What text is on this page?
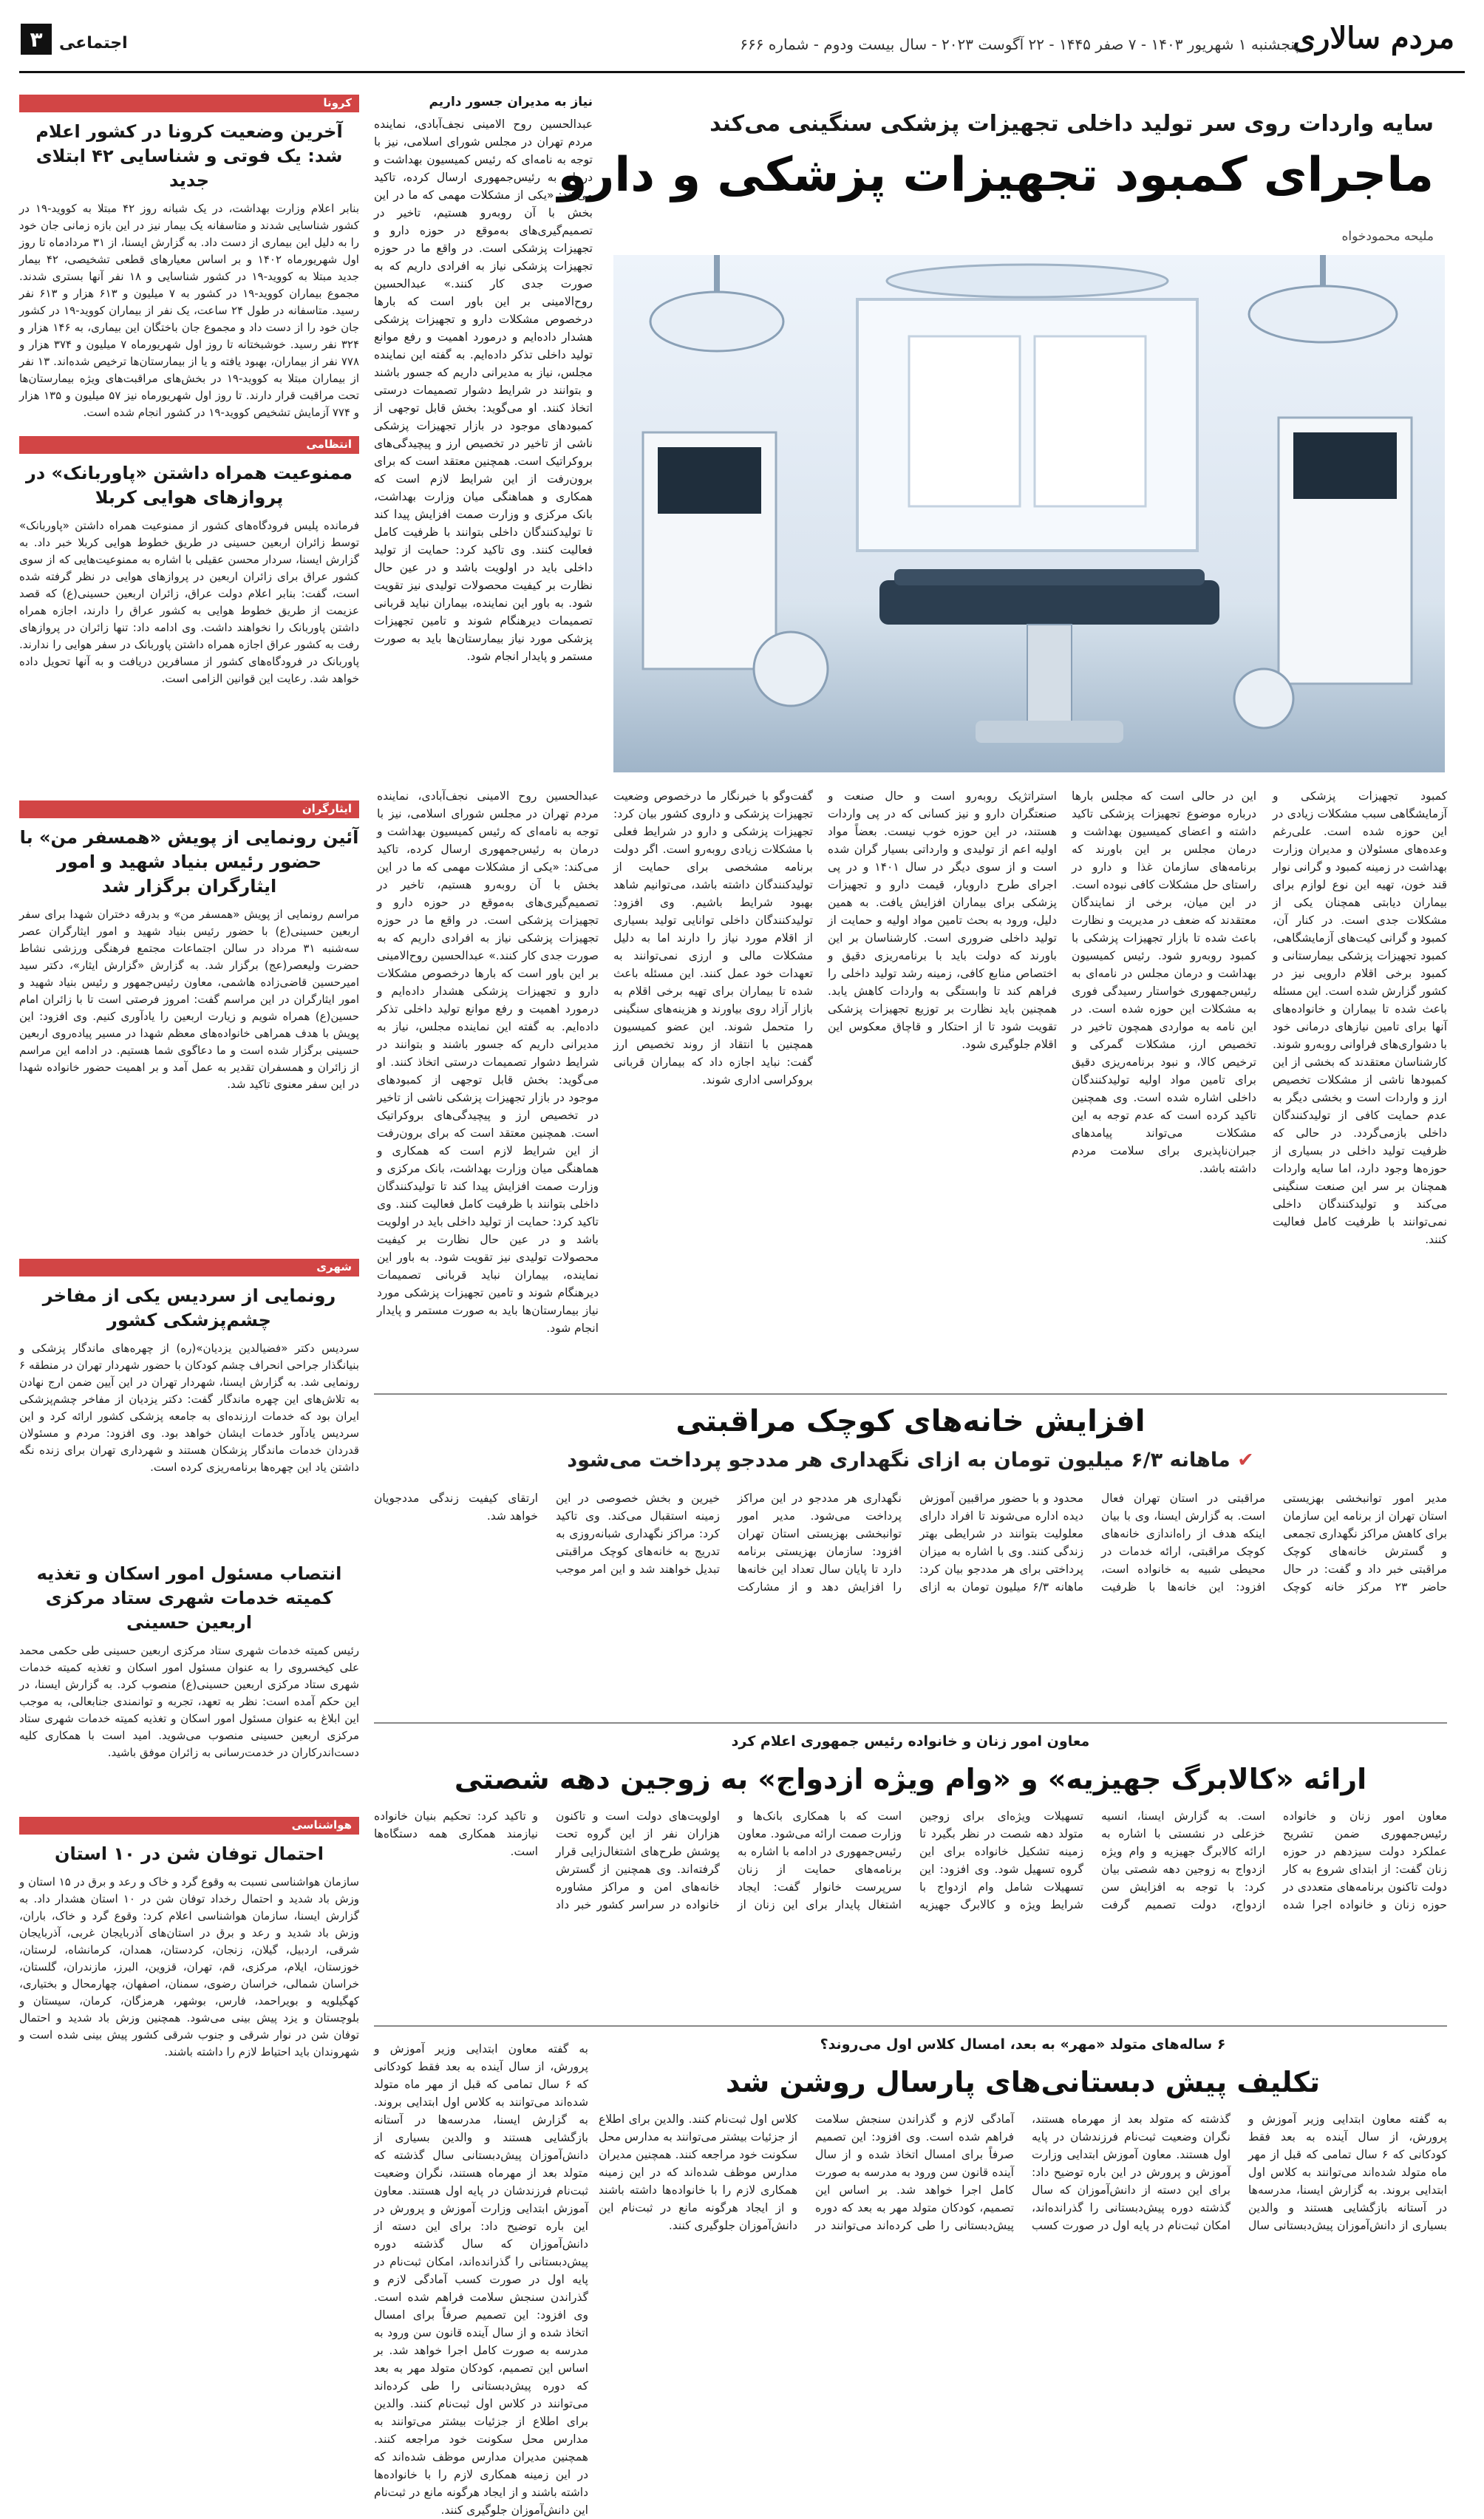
مردم سالاری
پنجشنبه ۱ شهریور ۱۴۰۳ - ۷ صفر ۱۴۴۵ - ۲۲ آگوست ۲۰۲۳ - سال بیست ودوم - شماره ۶۶۶
اجتماعی
۳
کرونا
آخرین وضعیت کرونا در کشور اعلام شد: یک فوتی و شناسایی ۴۲ ابتلای جدید

بنابر اعلام وزارت بهداشت، در یک شبانه روز ۴۲ مبتلا به کووید-۱۹ در کشور شناسایی شدند و متاسفانه یک بیمار نیز در این بازه زمانی جان خود را به دلیل این بیماری از دست داد. به گزارش ایسنا، از ۳۱ مردادماه تا روز اول شهریورماه ۱۴۰۲ و بر اساس معیارهای قطعی تشخیصی، ۴۲ بیمار جدید مبتلا به کووید-۱۹ در کشور شناسایی و ۱۸ نفر آنها بستری شدند. مجموع بیماران کووید-۱۹ در کشور به ۷ میلیون و ۶۱۳ هزار و ۶۱۳ نفر رسید. متاسفانه در طول ۲۴ ساعت، یک نفر از بیماران کووید-۱۹ در کشور جان خود را از دست داد و مجموع جان باختگان این بیماری، به ۱۴۶ هزار و ۳۲۴ نفر رسید. خوشبختانه تا روز اول شهریورماه ۷ میلیون و ۳۷۴ هزار و ۷۷۸ نفر از بیماران، بهبود یافته و یا از بیمارستان‌ها ترخیص شده‌اند. ۱۳ نفر از بیماران مبتلا به کووید-۱۹ در بخش‌های مراقبت‌های ویژه بیمارستان‌ها تحت مراقبت قرار دارند. تا روز اول شهریورماه نیز ۵۷ میلیون و ۱۳۵ هزار و ۷۷۴ آزمایش تشخیص کووید-۱۹ در کشور انجام شده است.

انتظامی
ممنوعیت همراه داشتن «پاوربانک» در پروازهای هوایی کربلا

فرمانده پلیس فرودگاه‌های کشور از ممنوعیت همراه داشتن «پاوربانک» توسط زائران اربعین حسینی در طریق خطوط هوایی کربلا خبر داد. به گزارش ایسنا، سردار محسن عقیلی با اشاره به ممنوعیت‌هایی که از سوی کشور عراق برای زائران اربعین در پروازهای هوایی در نظر گرفته شده است، گفت: بنابر اعلام دولت عراق، زائران اربعین حسینی(ع) که قصد عزیمت از طریق خطوط هوایی به کشور عراق را دارند، اجازه همراه داشتن پاوربانک را نخواهند داشت. وی ادامه داد: تنها زائران در پروازهای رفت به کشور عراق اجازه همراه داشتن پاوربانک در سفر هوایی را ندارند. پاوربانک در فرودگاه‌های کشور از مسافرین دریافت و به آنها تحویل داده خواهد شد. رعایت این قوانین الزامی است.

ایثارگران
آئین رونمایی از پویش «همسفر من» با حضور رئیس بنیاد شهید و امور ایثارگران برگزار شد

مراسم رونمایی از پویش «همسفر من» و بدرقه دختران شهدا برای سفر اربعین حسینی(ع) با حضور رئیس بنیاد شهید و امور ایثارگران عصر سه‌شنبه ۳۱ مرداد در سالن اجتماعات مجتمع فرهنگی ورزشی نشاط حضرت ولیعصر(عج) برگزار شد. به گزارش «گزارش ایثار»، دکتر سید امیرحسین قاضی‌زاده هاشمی، معاون رئیس‌جمهور و رئیس بنیاد شهید و امور ایثارگران در این مراسم گفت: امروز فرصتی است تا با زائران امام حسین(ع) همراه شویم و زیارت اربعین را یادآوری کنیم. وی افزود: این پویش با هدف همراهی خانواده‌های معظم شهدا در مسیر پیاده‌روی اربعین حسینی برگزار شده است و ما دعاگوی شما هستیم. در ادامه این مراسم از زائران و همسفران تقدیر به عمل آمد و بر اهمیت حضور خانواده شهدا در این سفر معنوی تاکید شد.

شهری
رونمایی از سردیس یکی از مفاخر چشم‌پزشکی کشور

سردیس دکتر «فضیالدین یزدیان»(ره) از چهره‌های ماندگار پزشکی و بنیانگذار جراحی انحراف چشم کودکان با حضور شهردار تهران در منطقه ۶ رونمایی شد. به گزارش ایسنا، شهردار تهران در این آیین ضمن ارج نهادن به تلاش‌های این چهره ماندگار گفت: دکتر یزدیان از مفاخر چشم‌پزشکی ایران بود که خدمات ارزنده‌ای به جامعه پزشکی کشور ارائه کرد و این سردیس یادآور خدمات ایشان خواهد بود. وی افزود: مردم و مسئولان قدردان خدمات ماندگار پزشکان هستند و شهرداری تهران برای زنده نگه داشتن یاد این چهره‌ها برنامه‌ریزی کرده است.

انتصاب مسئول امور اسکان و تغذیه کمیته خدمات شهری ستاد مرکزی اربعین حسینی

رئیس کمیته خدمات شهری ستاد مرکزی اربعین حسینی طی حکمی محمد علی کیخسروی را به عنوان مسئول امور اسکان و تغذیه کمیته خدمات شهری ستاد مرکزی اربعین حسینی(ع) منصوب کرد. به گزارش ایسنا، در این حکم آمده است: نظر به تعهد، تجربه و توانمندی جنابعالی، به موجب این ابلاغ به عنوان مسئول امور اسکان و تغذیه کمیته خدمات شهری ستاد مرکزی اربعین حسینی منصوب می‌شوید. امید است با همکاری کلیه دست‌اندرکاران در خدمت‌رسانی به زائران موفق باشید.

هواشناسی
احتمال توفان شن در ۱۰ استان

سازمان هواشناسی نسبت به وقوع گرد و خاک و رعد و برق در ۱۵ استان و وزش باد شدید و احتمال رخداد توفان شن در ۱۰ استان هشدار داد. به گزارش ایسنا، سازمان هواشناسی اعلام کرد: وقوع گرد و خاک، باران، وزش باد شدید و رعد و برق در استان‌های آذربایجان غربی، آذربایجان شرقی، اردبیل، گیلان، زنجان، کردستان، همدان، کرمانشاه، لرستان، خوزستان، ایلام، مرکزی، قم، تهران، قزوین، البرز، مازندران، گلستان، خراسان شمالی، خراسان رضوی، سمنان، اصفهان، چهارمحال و بختیاری، کهگیلویه و بویراحمد، فارس، بوشهر، هرمزگان، کرمان، سیستان و بلوچستان و یزد پیش بینی می‌شود. همچنین وزش باد شدید و احتمال توفان شن در نوار شرقی و جنوب شرقی کشور پیش بینی شده است و شهروندان باید احتیاط لازم را داشته باشند.

نیاز به مدیران جسور داریم
عبدالحسین روح الامینی نجف‌آبادی، نماینده مردم تهران در مجلس شورای اسلامی، نیز با توجه به نامه‌ای که رئیس کمیسیون بهداشت و درمان به رئیس‌جمهوری ارسال کرده، تاکید می‌کند: «یکی از مشکلات مهمی که ما در این بخش با آن روبه‌رو هستیم، تاخیر در تصمیم‌گیری‌های به‌موقع در حوزه دارو و تجهیزات پزشکی است. در واقع ما در حوزه تجهیزات پزشکی نیاز به افرادی داریم که به صورت جدی کار کنند.» عبدالحسین روح‌الامینی بر این باور است که بارها درخصوص مشکلات دارو و تجهیزات پزشکی هشدار داده‌ایم و درمورد اهمیت و رفع موانع تولید داخلی تذکر داده‌ایم. به گفته این نماینده مجلس، نیاز به مدیرانی داریم که جسور باشند و بتوانند در شرایط دشوار تصمیمات درستی اتخاذ کنند. او می‌گوید: بخش قابل توجهی از کمبودهای موجود در بازار تجهیزات پزشکی ناشی از تاخیر در تخصیص ارز و پیچیدگی‌های بروکراتیک است. همچنین معتقد است که برای برون‌رفت از این شرایط لازم است که همکاری و هماهنگی میان وزارت بهداشت، بانک مرکزی و وزارت صمت افزایش پیدا کند تا تولیدکنندگان داخلی بتوانند با ظرفیت کامل فعالیت کنند. وی تاکید کرد: حمایت از تولید داخلی باید در اولویت باشد و در عین حال نظارت بر کیفیت محصولات تولیدی نیز تقویت شود. به باور این نماینده، بیماران نباید قربانی تصمیمات دیرهنگام شوند و تامین تجهیزات پزشکی مورد نیاز بیمارستان‌ها باید به صورت مستمر و پایدار انجام شود.
سایه واردات روی سر تولید داخلی تجهیزات پزشکی سنگینی می‌کند
ماجرای کمبود تجهیزات پزشکی و دارو
ملیحه محمودخواه
کمبود تجهیزات پزشکی و آزمایشگاهی سبب مشکلات زیادی در این حوزه شده است. علی‌رغم وعده‌های مسئولان و مدیران وزارت بهداشت در زمینه کمبود و گرانی نوار قند خون، تهیه این نوع لوازم برای بیماران دیابتی همچنان یکی از مشکلات جدی است. در کنار آن، کمبود و گرانی کیت‌های آزمایشگاهی، کمبود تجهیزات پزشکی بیمارستانی و کمبود برخی اقلام دارویی نیز در کشور گزارش شده است. این مسئله باعث شده تا بیماران و خانواده‌های آنها برای تامین نیازهای درمانی خود با دشواری‌های فراوانی روبه‌رو شوند. کارشناسان معتقدند که بخشی از این کمبودها ناشی از مشکلات تخصیص ارز و واردات است و بخشی دیگر به عدم حمایت کافی از تولیدکنندگان داخلی بازمی‌گردد. در حالی که ظرفیت تولید داخلی در بسیاری از حوزه‌ها وجود دارد، اما سایه واردات همچنان بر سر این صنعت سنگینی می‌کند و تولیدکنندگان داخلی نمی‌توانند با ظرفیت کامل فعالیت کنند.
این در حالی است که مجلس بارها درباره موضوع تجهیزات پزشکی تاکید داشته و اعضای کمیسیون بهداشت و درمان مجلس بر این باورند که برنامه‌های سازمان غذا و دارو در راستای حل مشکلات کافی نبوده است. در این میان، برخی از نمایندگان معتقدند که ضعف در مدیریت و نظارت باعث شده تا بازار تجهیزات پزشکی با کمبود روبه‌رو شود. رئیس کمیسیون بهداشت و درمان مجلس در نامه‌ای به رئیس‌جمهوری خواستار رسیدگی فوری به مشکلات این حوزه شده است. در این نامه به مواردی همچون تاخیر در تخصیص ارز، مشکلات گمرکی و ترخیص کالا، و نبود برنامه‌ریزی دقیق برای تامین مواد اولیه تولیدکنندگان داخلی اشاره شده است. وی همچنین تاکید کرده است که عدم توجه به این مشکلات می‌تواند پیامدهای جبران‌ناپذیری برای سلامت مردم داشته باشد.
استراتژیک روبه‌رو است و حال صنعت و صنعتگران دارو و نیز کسانی که در پی واردات هستند، در این حوزه خوب نیست. بعضاً مواد اولیه اعم از تولیدی و وارداتی بسیار گران شده است و از سوی دیگر در سال ۱۴۰۱ و در پی اجرای طرح دارویار، قیمت دارو و تجهیزات پزشکی برای بیماران افزایش یافت. به همین دلیل، ورود به بحث تامین مواد اولیه و حمایت از تولید داخلی ضروری است. کارشناسان بر این باورند که دولت باید با برنامه‌ریزی دقیق و اختصاص منابع کافی، زمینه رشد تولید داخلی را فراهم کند تا وابستگی به واردات کاهش یابد. همچنین باید نظارت بر توزیع تجهیزات پزشکی تقویت شود تا از احتکار و قاچاق معکوس این اقلام جلوگیری شود.
گفت‌وگو با خبرنگار ما درخصوص وضعیت تجهیزات پزشکی و داروی کشور بیان کرد: تجهیزات پزشکی و دارو در شرایط فعلی با مشکلات زیادی روبه‌رو است. اگر دولت برنامه مشخصی برای حمایت از تولیدکنندگان داشته باشد، می‌توانیم شاهد بهبود شرایط باشیم. وی افزود: تولیدکنندگان داخلی توانایی تولید بسیاری از اقلام مورد نیاز را دارند اما به دلیل مشکلات مالی و ارزی نمی‌توانند به تعهدات خود عمل کنند. این مسئله باعث شده تا بیماران برای تهیه برخی اقلام به بازار آزاد روی بیاورند و هزینه‌های سنگینی را متحمل شوند. این عضو کمیسیون همچنین با انتقاد از روند تخصیص ارز گفت: نباید اجازه داد که بیماران قربانی بروکراسی اداری شوند.
عبدالحسین روح الامینی نجف‌آبادی، نماینده مردم تهران در مجلس شورای اسلامی، نیز با توجه به نامه‌ای که رئیس کمیسیون بهداشت و درمان به رئیس‌جمهوری ارسال کرده، تاکید می‌کند: «یکی از مشکلات مهمی که ما در این بخش با آن روبه‌رو هستیم، تاخیر در تصمیم‌گیری‌های به‌موقع در حوزه دارو و تجهیزات پزشکی است. در واقع ما در حوزه تجهیزات پزشکی نیاز به افرادی داریم که به صورت جدی کار کنند.» عبدالحسین روح‌الامینی بر این باور است که بارها درخصوص مشکلات دارو و تجهیزات پزشکی هشدار داده‌ایم و درمورد اهمیت و رفع موانع تولید داخلی تذکر داده‌ایم. به گفته این نماینده مجلس، نیاز به مدیرانی داریم که جسور باشند و بتوانند در شرایط دشوار تصمیمات درستی اتخاذ کنند. او می‌گوید: بخش قابل توجهی از کمبودهای موجود در بازار تجهیزات پزشکی ناشی از تاخیر در تخصیص ارز و پیچیدگی‌های بروکراتیک است. همچنین معتقد است که برای برون‌رفت از این شرایط لازم است که همکاری و هماهنگی میان وزارت بهداشت، بانک مرکزی و وزارت صمت افزایش پیدا کند تا تولیدکنندگان داخلی بتوانند با ظرفیت کامل فعالیت کنند. وی تاکید کرد: حمایت از تولید داخلی باید در اولویت باشد و در عین حال نظارت بر کیفیت محصولات تولیدی نیز تقویت شود. به باور این نماینده، بیماران نباید قربانی تصمیمات دیرهنگام شوند و تامین تجهیزات پزشکی مورد نیاز بیمارستان‌ها باید به صورت مستمر و پایدار انجام شود.
افزایش خانه‌های کوچک مراقبتی
✔ ماهانه ۶/۳ میلیون تومان به ازای نگهداری هر مددجو پرداخت می‌شود
مدیر امور توانبخشی بهزیستی استان تهران از برنامه این سازمان برای کاهش مراکز نگهداری تجمعی و گسترش خانه‌های کوچک مراقبتی خبر داد و گفت: در حال حاضر ۲۳ مرکز خانه کوچک مراقبتی در استان تهران فعال است. به گزارش ایسنا، وی با بیان اینکه هدف از راه‌اندازی خانه‌های کوچک مراقبتی، ارائه خدمات در محیطی شبیه به خانواده است، افزود: این خانه‌ها با ظرفیت محدود و با حضور مراقبین آموزش دیده اداره می‌شوند تا افراد دارای معلولیت بتوانند در شرایطی بهتر زندگی کنند. وی با اشاره به میزان پرداختی برای هر مددجو بیان کرد: ماهانه ۶/۳ میلیون تومان به ازای نگهداری هر مددجو در این مراکز پرداخت می‌شود. مدیر امور توانبخشی بهزیستی استان تهران افزود: سازمان بهزیستی برنامه دارد تا پایان سال تعداد این خانه‌ها را افزایش دهد و از مشارکت خیرین و بخش خصوصی در این زمینه استقبال می‌کند. وی تاکید کرد: مراکز نگهداری شبانه‌روزی به تدریج به خانه‌های کوچک مراقبتی تبدیل خواهند شد و این امر موجب ارتقای کیفیت زندگی مددجویان خواهد شد.
معاون امور زنان و خانواده رئیس جمهوری اعلام کرد
ارائه «کالابرگ جهیزیه» و «وام ویژه ازدواج» به زوجین دهه شصتی
معاون امور زنان و خانواده رئیس‌جمهوری ضمن تشریح عملکرد دولت سیزدهم در حوزه زنان گفت: از ابتدای شروع به کار دولت تاکنون برنامه‌های متعددی در حوزه زنان و خانواده اجرا شده است. به گزارش ایسنا، انسیه خزعلی در نشستی با اشاره به ارائه کالابرگ جهیزیه و وام ویژه ازدواج به زوجین دهه شصتی بیان کرد: با توجه به افزایش سن ازدواج، دولت تصمیم گرفت تسهیلات ویژه‌ای برای زوجین متولد دهه شصت در نظر بگیرد تا زمینه تشکیل خانواده برای این گروه تسهیل شود. وی افزود: این تسهیلات شامل وام ازدواج با شرایط ویژه و کالابرگ جهیزیه است که با همکاری بانک‌ها و وزارت صمت ارائه می‌شود. معاون رئیس‌جمهوری در ادامه با اشاره به برنامه‌های حمایت از زنان سرپرست خانوار گفت: ایجاد اشتغال پایدار برای این زنان از اولویت‌های دولت است و تاکنون هزاران نفر از این گروه تحت پوشش طرح‌های اشتغال‌زایی قرار گرفته‌اند. وی همچنین از گسترش خانه‌های امن و مراکز مشاوره خانواده در سراسر کشور خبر داد و تاکید کرد: تحکیم بنیان خانواده نیازمند همکاری همه دستگاه‌ها است.
۶ ساله‌های متولد «مهر» به بعد، امسال کلاس اول می‌روند؟
تکلیف پیش دبستانی‌های پارسال روشن شد
به گفته معاون ابتدایی وزیر آموزش و پرورش، از سال آینده به بعد فقط کودکانی که ۶ سال تمامی که قبل از مهر ماه متولد شده‌اند می‌توانند به کلاس اول ابتدایی بروند. به گزارش ایسنا، مدرسه‌ها در آستانه بازگشایی هستند و والدین بسیاری از دانش‌آموزان پیش‌دبستانی سال گذشته که متولد بعد از مهرماه هستند، نگران وضعیت ثبت‌نام فرزندشان در پایه اول هستند. معاون آموزش ابتدایی وزارت آموزش و پرورش در این باره توضیح داد: برای این دسته از دانش‌آموزان که سال گذشته دوره پیش‌دبستانی را گذرانده‌اند، امکان ثبت‌نام در پایه اول در صورت کسب آمادگی لازم و گذراندن سنجش سلامت فراهم شده است. وی افزود: این تصمیم صرفاً برای امسال اتخاذ شده و از سال آینده قانون سن ورود به مدرسه به صورت کامل اجرا خواهد شد. بر اساس این تصمیم، کودکان متولد مهر به بعد که دوره پیش‌دبستانی را طی کرده‌اند می‌توانند در کلاس اول ثبت‌نام کنند. والدین برای اطلاع از جزئیات بیشتر می‌توانند به مدارس محل سکونت خود مراجعه کنند. همچنین مدیران مدارس موظف شده‌اند که در این زمینه همکاری لازم را با خانواده‌ها داشته باشند و از ایجاد هرگونه مانع در ثبت‌نام این دانش‌آموزان جلوگیری کنند.
به گفته معاون ابتدایی وزیر آموزش و پرورش، از سال آینده به بعد فقط کودکانی که ۶ سال تمامی که قبل از مهر ماه متولد شده‌اند می‌توانند به کلاس اول ابتدایی بروند. به گزارش ایسنا، مدرسه‌ها در آستانه بازگشایی هستند و والدین بسیاری از دانش‌آموزان پیش‌دبستانی سال گذشته که متولد بعد از مهرماه هستند، نگران وضعیت ثبت‌نام فرزندشان در پایه اول هستند. معاون آموزش ابتدایی وزارت آموزش و پرورش در این باره توضیح داد: برای این دسته از دانش‌آموزان که سال گذشته دوره پیش‌دبستانی را گذرانده‌اند، امکان ثبت‌نام در پایه اول در صورت کسب آمادگی لازم و گذراندن سنجش سلامت فراهم شده است. وی افزود: این تصمیم صرفاً برای امسال اتخاذ شده و از سال آینده قانون سن ورود به مدرسه به صورت کامل اجرا خواهد شد. بر اساس این تصمیم، کودکان متولد مهر به بعد که دوره پیش‌دبستانی را طی کرده‌اند می‌توانند در کلاس اول ثبت‌نام کنند. والدین برای اطلاع از جزئیات بیشتر می‌توانند به مدارس محل سکونت خود مراجعه کنند. همچنین مدیران مدارس موظف شده‌اند که در این زمینه همکاری لازم را با خانواده‌ها داشته باشند و از ایجاد هرگونه مانع در ثبت‌نام این دانش‌آموزان جلوگیری کنند.
